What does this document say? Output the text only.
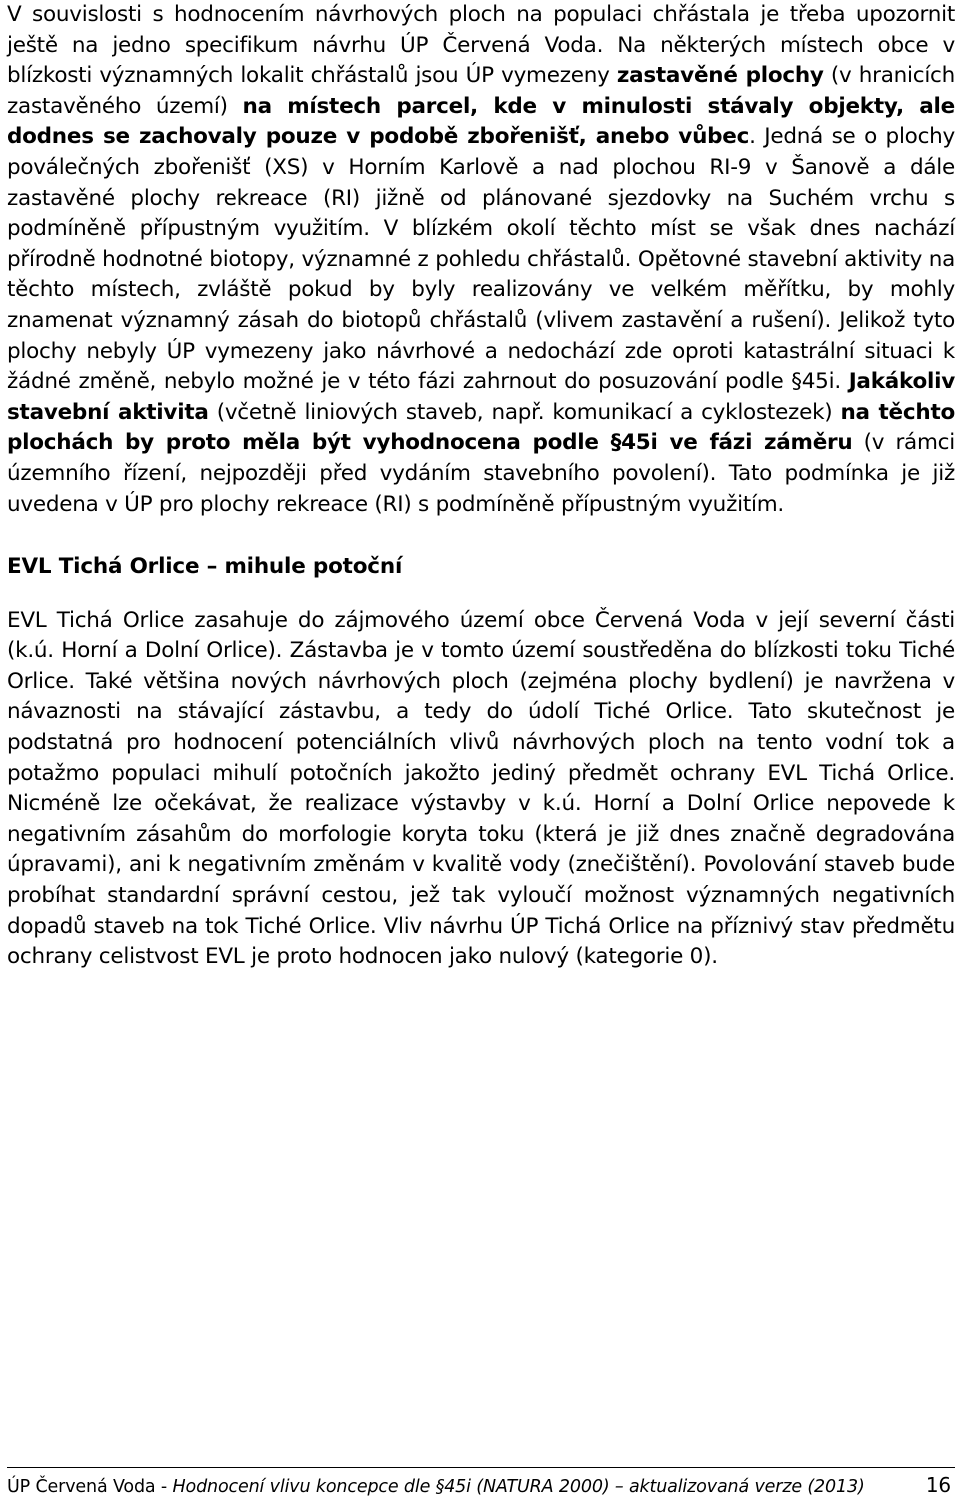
V souvislosti s hodnocením návrhových ploch na populaci chřástala je třeba upozornit ještě na jedno specifikum návrhu ÚP Červená Voda. Na některých místech obce v blízkosti významných lokalit chřástalů jsou ÚP vymezeny zastavěné plochy (v hranicích zastavěného území) na místech parcel, kde v minulosti stávaly objekty, ale dodnes se zachovaly pouze v podobě zbořenišť, anebo vůbec. Jedná se o plochy poválečných zbořenišť (XS) v Horním Karlově a nad plochou RI-9 v Šanově a dále zastavěné plochy rekreace (RI) jižně od plánované sjezdovky na Suchém vrchu s podmíněně přípustným využitím. V blízkém okolí těchto míst se však dnes nachází přírodně hodnotné biotopy, významné z pohledu chřástalů. Opětovné stavební aktivity na těchto místech, zvláště pokud by byly realizovány ve velkém měřítku, by mohly znamenat významný zásah do biotopů chřástalů (vlivem zastavění a rušení). Jelikož tyto plochy nebyly ÚP vymezeny jako návrhové a nedochází zde oproti katastrální situaci k žádné změně, nebylo možné je v této fázi zahrnout do posuzování podle §45i. Jakákoliv stavební aktivita (včetně liniových staveb, např. komunikací a cyklostezek) na těchto plochách by proto měla být vyhodnocena podle §45i ve fázi záměru (v rámci územního řízení, nejpozději před vydáním stavebního povolení). Tato podmínka je již uvedena v ÚP pro plochy rekreace (RI) s podmíněně přípustným využitím.

EVL Tichá Orlice – mihule potoční

EVL Tichá Orlice zasahuje do zájmového území obce Červená Voda v její severní části (k.ú. Horní a Dolní Orlice). Zástavba je v tomto území soustředěna do blízkosti toku Tiché Orlice. Také většina nových návrhových ploch (zejména plochy bydlení) je navržena v návaznosti na stávající zástavbu, a tedy do údolí Tiché Orlice. Tato skutečnost je podstatná pro hodnocení potenciálních vlivů návrhových ploch na tento vodní tok a potažmo populaci mihulí potočních jakožto jediný předmět ochrany EVL Tichá Orlice. Nicméně lze očekávat, že realizace výstavby v k.ú. Horní a Dolní Orlice nepovede k negativním zásahům do morfologie koryta toku (která je již dnes značně degradována úpravami), ani k negativním změnám v kvalitě vody (znečištění). Povolování staveb bude probíhat standardní správní cestou, jež tak vyloučí možnost významných negativních dopadů staveb na tok Tiché Orlice. Vliv návrhu ÚP Tichá Orlice na příznivý stav předmětu ochrany celistvost EVL je proto hodnocen jako nulový (kategorie 0).

ÚP Červená Voda - Hodnocení vlivu koncepce dle §45i (NATURA 2000) – aktualizovaná verze (2013)	16
